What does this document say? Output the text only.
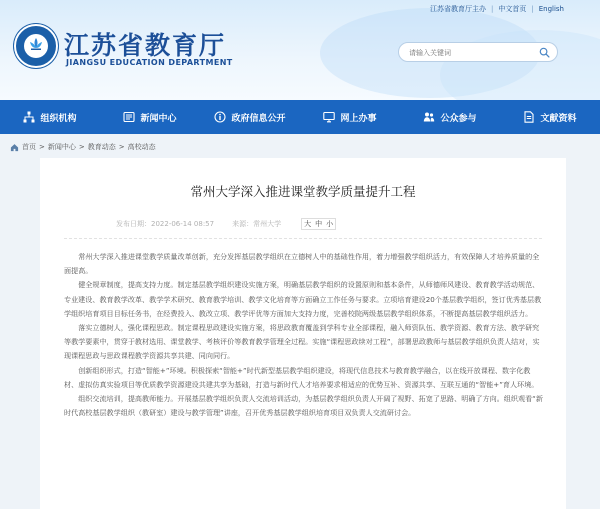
江苏省教育厅主办 | 中文首页 | English
江苏省教育厅
JIANGSU EDUCATION DEPARTMENT
请输入关键词
组织机构	新闻中心	政府信息公开	网上办事	公众参与	文献资料
首页 > 新闻中心 > 教育动态 > 高校动态
常州大学深入推进课堂教学质量提升工程
发布日期：2022-06-14 08:57	来源：常州大学	大 中 小

常州大学深入推进课堂教学质量改革创新，充分发挥基层教学组织在立德树人中的基础性作用，着力增强教学组织活力，有效保障人才培养质量的全面提高。

健全规章制度，提高支持力度。制定基层教学组织建设实施方案，明确基层教学组织的设置原则和基本条件，从师德师风建设、教育教学活动规范、专业建设、教育教学改革、教学学术研究、教育教学培训、教学文化培育等方面确立工作任务与要求。立项培育建设20个基层教学组织，签订优秀基层教学组织培育项目目标任务书，在经费投入、教改立项、教学评优等方面加大支持力度，完善校院两级基层教学组织体系，不断提高基层教学组织活力。

落实立德树人，强化课程思政。制定课程思政建设实施方案，将思政教育覆盖到学科专业全部课程，融入师资队伍、教学资源、教育方法、教学研究等教学要素中，贯穿于教材选用、课堂教学、考核评价等教育教学管理全过程。实施“课程思政续对工程”，部署思政教师与基层教学组织负责人结对，实现课程思政与思政课程教学资源共享共建、同向同行。

创新组织形式，打造“智能+”环境。积极探索“智能+”时代新型基层教学组织建设，将现代信息技术与教育教学融合，以在线开放课程、数字化教材、虚拟仿真实验项目等优质教学资源建设共建共享为基础，打造与新时代人才培养要求相适应的优势互补、资源共享、互联互通的“智能+”育人环境。

组织交流培训，提高教师能力。开展基层教学组织负责人交流培训活动，为基层教学组织负责人开阔了视野、拓宽了思路、明确了方向。组织观看“新时代高校基层教学组织（教研室）建设与教学管理”讲座，召开优秀基层教学组织培育项目双负责人交流研讨会。
